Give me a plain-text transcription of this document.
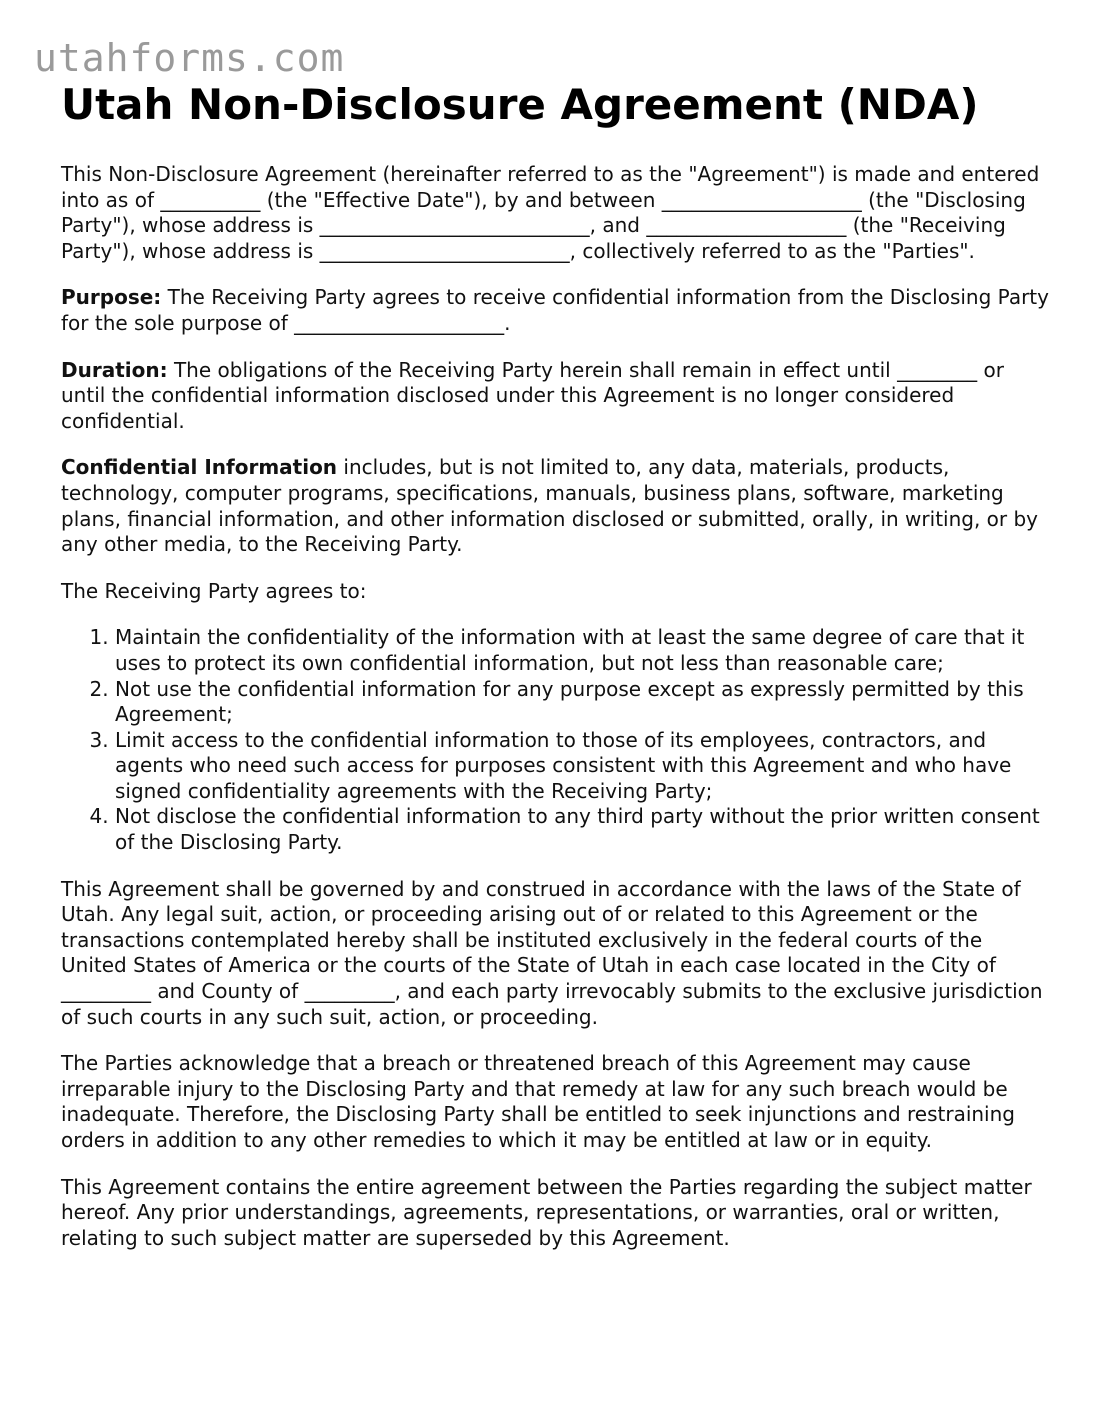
utahforms.com
Utah Non-Disclosure Agreement (NDA)

This Non-Disclosure Agreement (hereinafter referred to as the "Agreement") is made and entered into as of __________ (the "Effective Date"), by and between ____________________ (the "Disclosing Party"), whose address is ___________________________, and ____________________ (the "Receiving Party"), whose address is _________________________, collectively referred to as the "Parties".

Purpose: The Receiving Party agrees to receive confidential information from the Disclosing Party for the sole purpose of _____________________.

Duration: The obligations of the Receiving Party herein shall remain in effect until ________ or until the confidential information disclosed under this Agreement is no longer considered confidential.

Confidential Information includes, but is not limited to, any data, materials, products, technology, computer programs, specifications, manuals, business plans, software, marketing plans, financial information, and other information disclosed or submitted, orally, in writing, or by any other media, to the Receiving Party.

The Receiving Party agrees to:

1. Maintain the confidentiality of the information with at least the same degree of care that it uses to protect its own confidential information, but not less than reasonable care;
2. Not use the confidential information for any purpose except as expressly permitted by this Agreement;
3. Limit access to the confidential information to those of its employees, contractors, and agents who need such access for purposes consistent with this Agreement and who have signed confidentiality agreements with the Receiving Party;
4. Not disclose the confidential information to any third party without the prior written consent of the Disclosing Party.

This Agreement shall be governed by and construed in accordance with the laws of the State of Utah. Any legal suit, action, or proceeding arising out of or related to this Agreement or the transactions contemplated hereby shall be instituted exclusively in the federal courts of the United States of America or the courts of the State of Utah in each case located in the City of _________ and County of _________, and each party irrevocably submits to the exclusive jurisdiction of such courts in any such suit, action, or proceeding.

The Parties acknowledge that a breach or threatened breach of this Agreement may cause irreparable injury to the Disclosing Party and that remedy at law for any such breach would be inadequate. Therefore, the Disclosing Party shall be entitled to seek injunctions and restraining orders in addition to any other remedies to which it may be entitled at law or in equity.

This Agreement contains the entire agreement between the Parties regarding the subject matter hereof. Any prior understandings, agreements, representations, or warranties, oral or written, relating to such subject matter are superseded by this Agreement.
